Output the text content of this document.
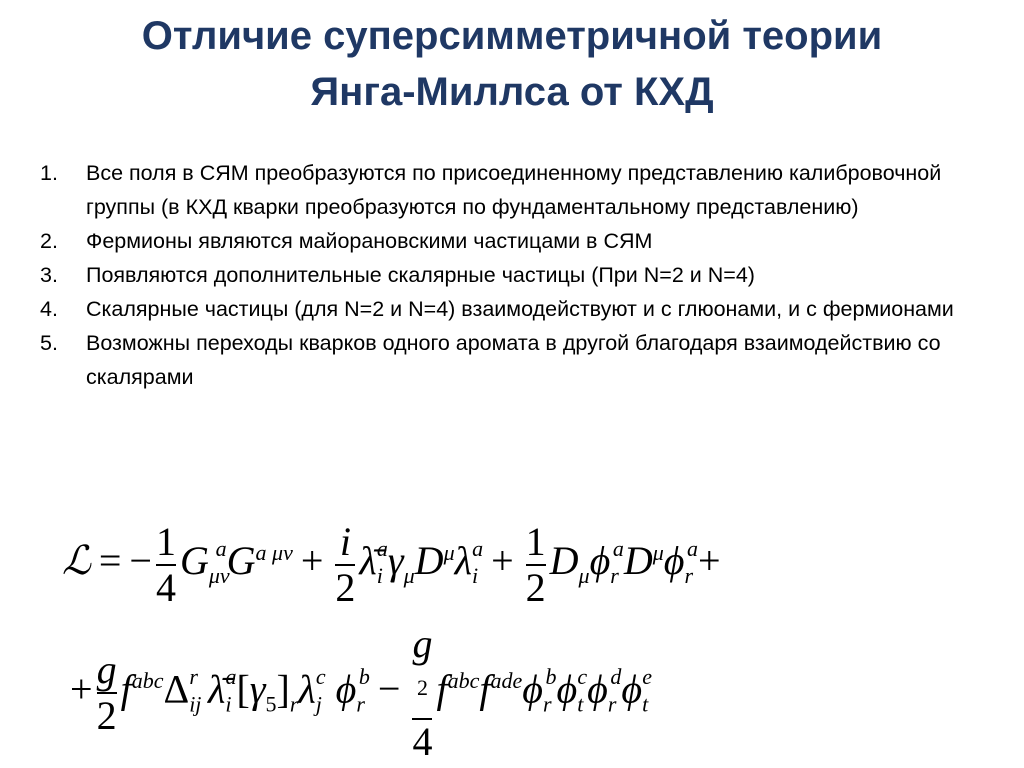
Отличие суперсимметричной теории
Янга-Миллса от КХД
1. Все поля в СЯМ преобразуются по присоединенному представлению калибровочной группы (в КХД кварки преобразуются по фундаментальному представлению)
2. Фермионы являются майорановскими частицами в СЯМ
3. Появляются дополнительные скалярные частицы (При N=2 и N=4)
4. Скалярные частицы (для N=2 и N=4) взаимодействуют и с глюонами, и с фермионами
5. Возможны переходы кварков одного аромата в другой благодаря взаимодействию со скалярами
ℒ = − $\frac{1}{4} G_{\mu\nu}^aG^{a \mu\nu} + \frac{i}{2}$ $\lambdā_i^a\gamma_\mu D^\mu\lambda_i^a + \frac{1}{2} D_\mu\phi_r^aD^\mu\phi_r^a+$
+ $\frac{g}{2} f^{abc}\Delta_{ij}^r$ $\lambdā_i^a[\gamma_5]_r\lambda_j^c$ $\phi_r^b - g$
$^2$
4 $f^{abc}f^{ade}\phi_r^b\phi_t^c\phi_r^d\phi_t^e$
